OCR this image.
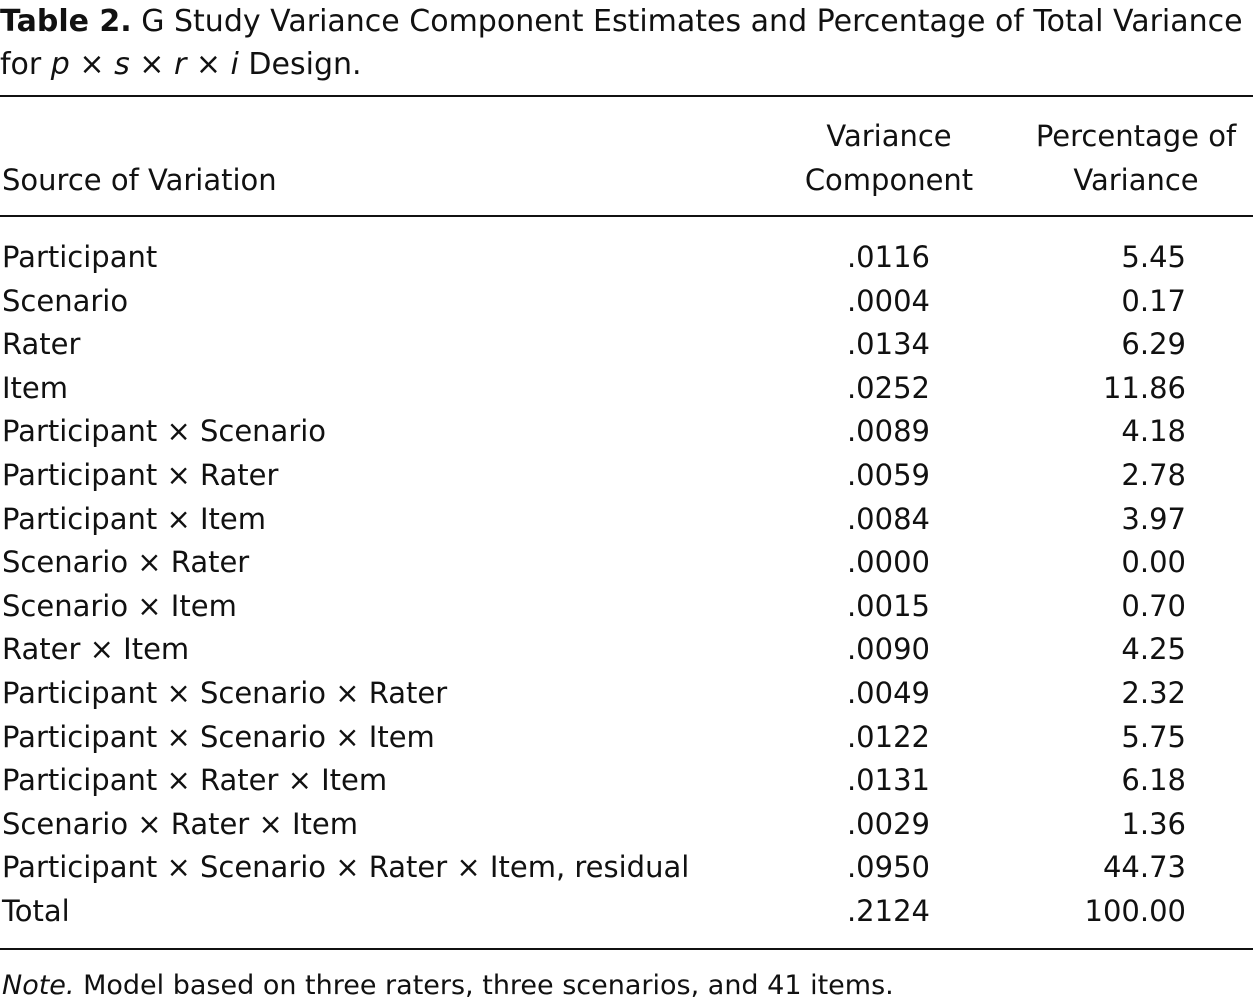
Table 2. G Study Variance Component Estimates and Percentage of Total Variance
for p × s × r × i Design.
Source of Variation
Variance
Component
Percentage of
Variance
Participant	.0116	5.45
Scenario	.0004	0.17
Rater	.0134	6.29
Item	.0252	11.86
Participant × Scenario	.0089	4.18
Participant × Rater	.0059	2.78
Participant × Item	.0084	3.97
Scenario × Rater	.0000	0.00
Scenario × Item	.0015	0.70
Rater × Item	.0090	4.25
Participant × Scenario × Rater	.0049	2.32
Participant × Scenario × Item	.0122	5.75
Participant × Rater × Item	.0131	6.18
Scenario × Rater × Item	.0029	1.36
Participant × Scenario × Rater × Item, residual	.0950	44.73
Total	.2124	100.00
Note. Model based on three raters, three scenarios, and 41 items.
